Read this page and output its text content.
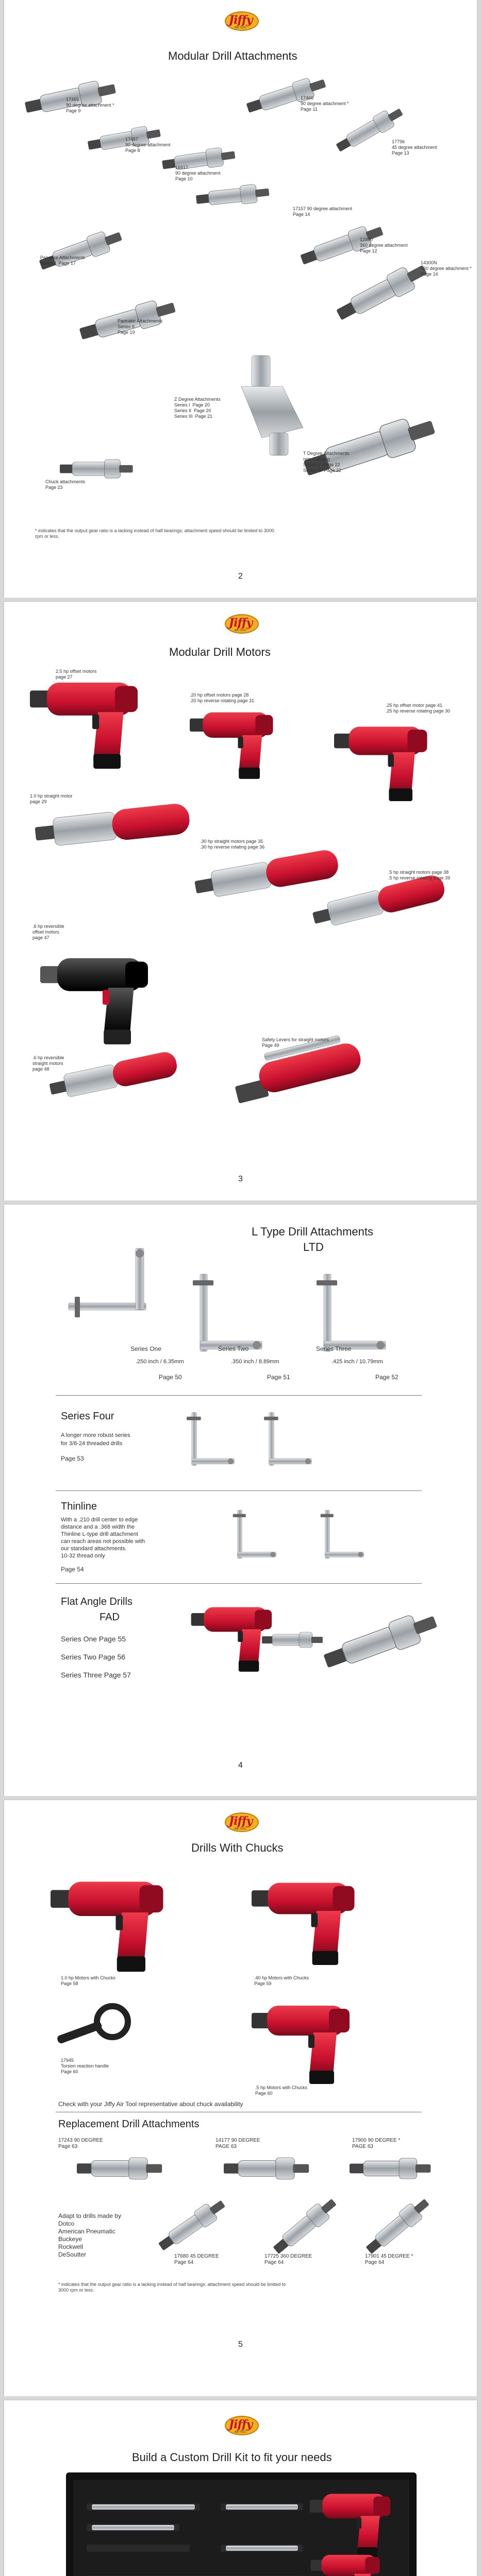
Jiffy
AIR TOOL
Modular Drill Attachments
17465
90 degree attachment *
Page 9
17466
90 degree attachment *
Page 11
17467
90 degree attachment
Page 8
17796
45 degree attachment
Page 13
16917
90 degree attachment
Page 10
17157 90 degree attachment
Page 14
Pancake Attachments
Series I  Page 17
12800
360 degree attachment
Page 12
14300N
360 degree attachment *
Page 14
Pancake Attachments
Series II
Page 19
Chuck attachments
Page 23
Z Degree Attachments
Series I  Page 20
Series II  Page 20
Series III  Page 21
T Degree Attachments
non-indexing
Series II  Page 22
Series III  Page 22
* indicates that the output gear ratio is a lacking instead of half bearings; attachment speed should be limited to 3000 rpm or less.
2
Jiffy
AIR TOOL
Modular Drill Motors
2.5 hp offset motors
page 27
.20 hp offset motors page 28
.20 hp reverse rotating page 31
.25 hp offset motor page 41
.25 hp reverse rotating page 30
1.0 hp straight motor
page 29
.30 hp straight motors page 35
.30 hp reverse rotating page 36
.5 hp straight motors page 38
.5 hp reverse rotating page 39
.6 hp reversible
offset motors
page 47
Safety Levers for straight motors
Page 49
.6 hp reversible
straight motors
page 48
3
L Type Drill Attachments
LTD
Series One
.250 inch / 6.35mm
Page 50
Series Two
.350 inch / 8.89mm
Page 51
Series Three
.425 inch / 10.79mm
Page 52
Series Four
A longer more robust series
for 3/8-24 threaded drills
Page 53
Thinline
With a .210 drill center to edge
distance and a .368 width the
Thinline L-type drill attachment
can reach areas not possible with
our standard attachments.
10-32 thread only
Page 54
Flat Angle Drills
FAD
Series One Page 55
Series Two Page 56
Series Three Page 57
4
Jiffy
AIR TOOL
Drills With Chucks
1.0 hp Motors with Chucks
Page 58
.40 hp Motors with Chucks
Page 59
17945
Torsion reaction handle
Page 60
.5 hp Motors with Chucks
Page 60
Check with your Jiffy Air Tool representative about chuck availability
Replacement Drill Attachments
17243 90 DEGREE
Page 63
14177 90 DEGREE
PAGE 63
17900 90 DEGREE *
PAGE 63
Adapt to drills made by
Dotco
American Pneumatic
Buckeye
Rockwell
DeSoutter	17680 45 DEGREE
Page 64
17725 360 DEGREE
Page 64
17901 45 DEGREE *
Page 64
* indicates that the output gear ratio is a lacking instead of half bearings; attachment speed should be limited to 3000 rpm or less.
5
Jiffy
AIR TOOL
Build a Custom Drill Kit to fit your needs
